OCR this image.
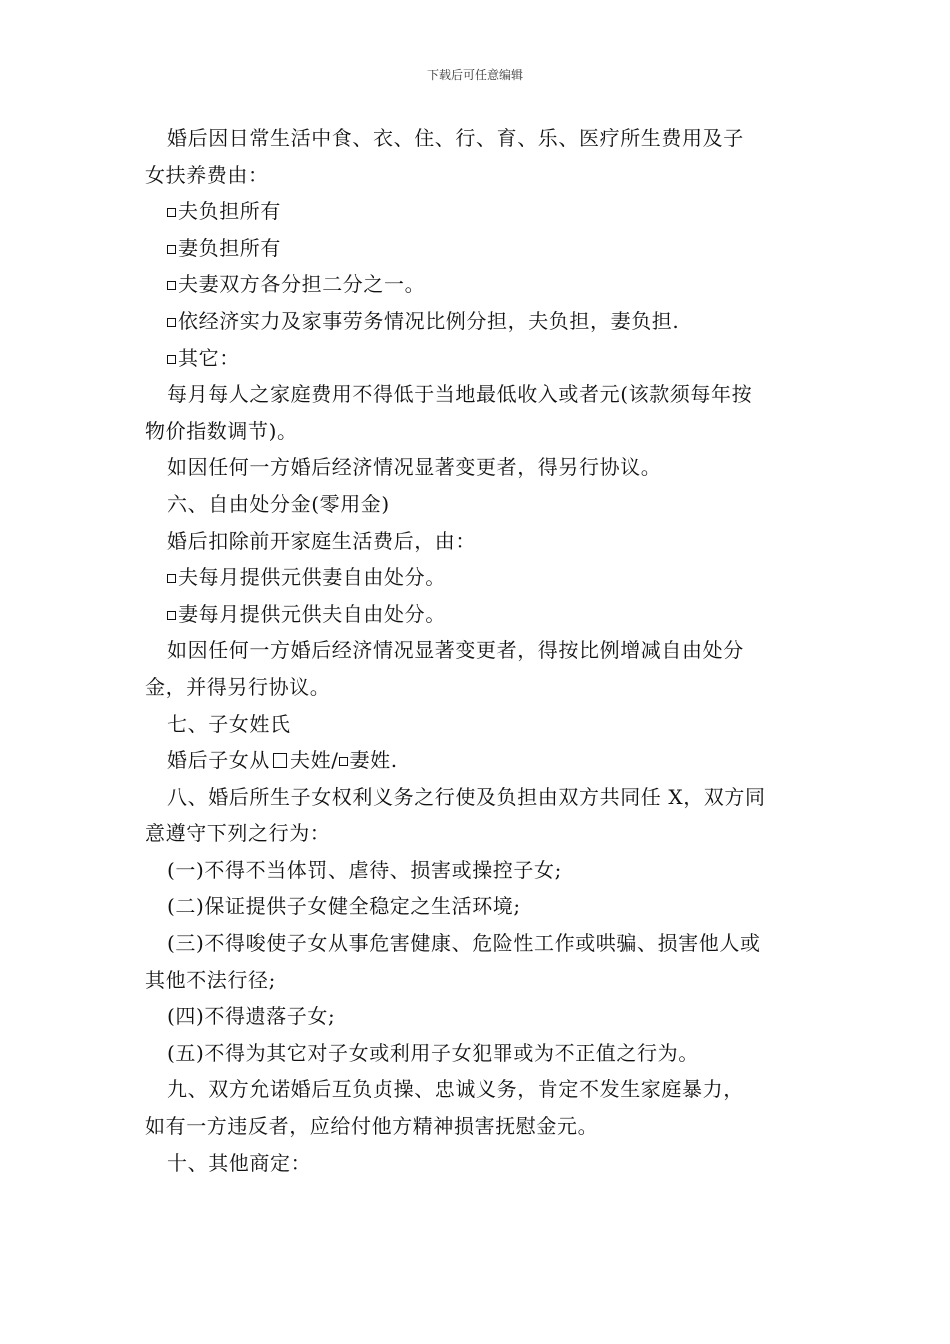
下载后可任意编辑
婚后因日常生活中食、衣、住、行、育、乐、医疗所生费用及子
女扶养费由：
夫负担所有
妻负担所有
夫妻双方各分担二分之一。
依经济实力及家事劳务情况比例分担，夫负担，妻负担.
其它：
每月每人之家庭费用不得低于当地最低收入或者元(该款须每年按
物价指数调节)。
如因任何一方婚后经济情况显著变更者，得另行协议。
六、自由处分金(零用金)
婚后扣除前开家庭生活费后，由：
夫每月提供元供妻自由处分。
妻每月提供元供夫自由处分。
如因任何一方婚后经济情况显著变更者，得按比例增减自由处分
金，并得另行协议。
七、子女姓氏
婚后子女从 夫姓/ 妻姓.
八、婚后所生子女权利义务之行使及负担由双方共同任 X，双方同
意遵守下列之行为：
(一)不得不当体罚、虐待、损害或操控子女;
(二)保证提供子女健全稳定之生活环境;
(三)不得唆使子女从事危害健康、危险性工作或哄骗、损害他人或
其他不法行径;
(四)不得遗落子女;
(五)不得为其它对子女或利用子女犯罪或为不正值之行为。
九、双方允诺婚后互负贞操、忠诚义务，肯定不发生家庭暴力，
如有一方违反者，应给付他方精神损害抚慰金元。
十、其他商定：
